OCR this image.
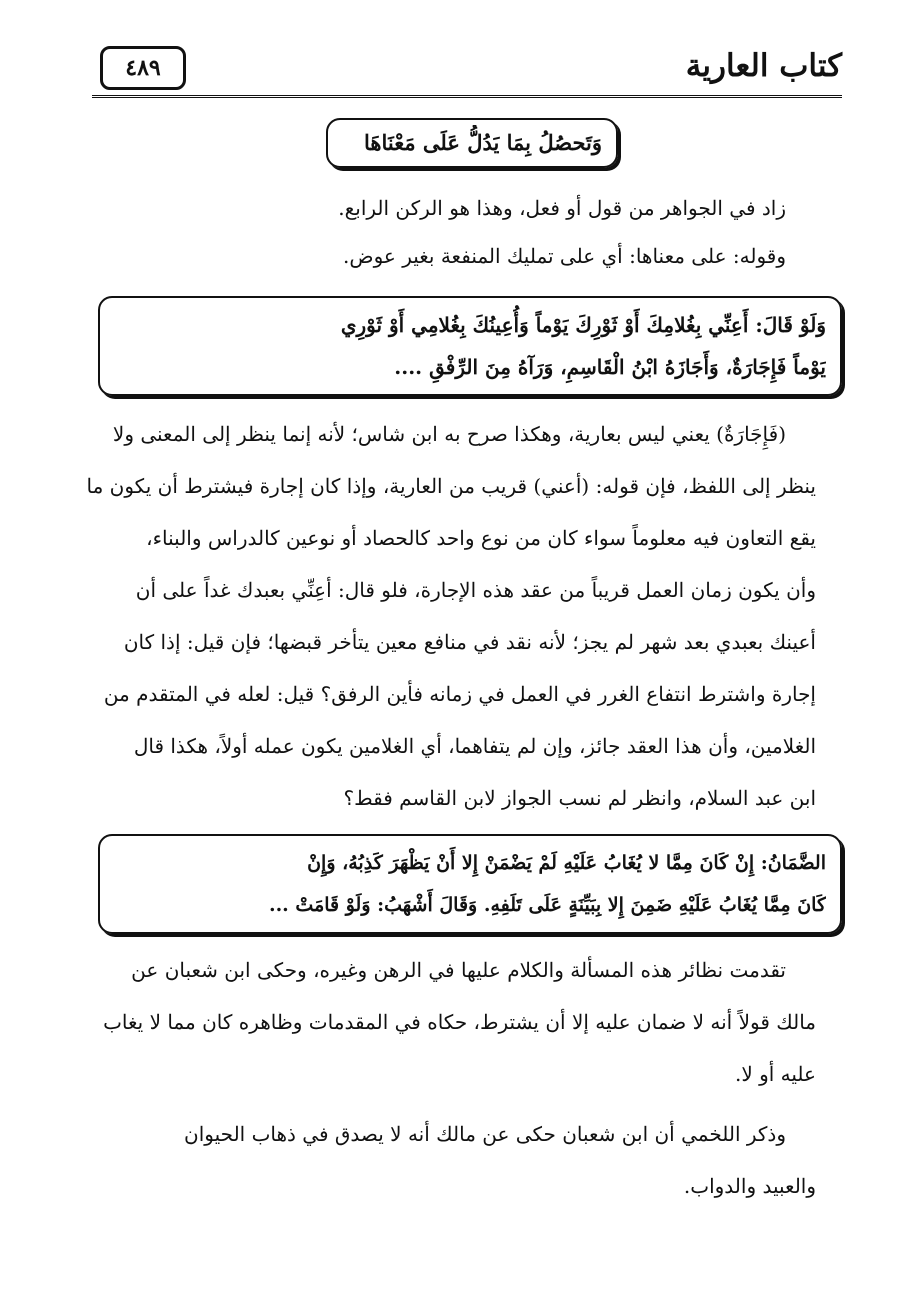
كتاب العارية
٤٨٩
وَتَحصُلُ بِمَا يَدُلُّ عَلَى مَعْنَاهَا
زاد في الجواهر من قول أو فعل، وهذا هو الركن الرابع.
وقوله: على معناها: أي على تمليك المنفعة بغير عوض.
وَلَوْ قَالَ: أَعِنِّي بِغُلامِكَ أَوْ ثَوْرِكَ يَوْماً وَأُعِينُكَ بِغُلامِي أَوْ ثَوْرِي
يَوْماً فَإِجَارَةٌ، وَأَجَازَهُ ابْنُ الْقَاسِمِ، وَرَآهُ مِنَ الرِّفْقِ ....
(فَإِجَارَةٌ) يعني ليس بعارية، وهكذا صرح به ابن شاس؛ لأنه إنما ينظر إلى المعنى ولا
ينظر إلى اللفظ، فإن قوله: (أعني) قريب من العارية، وإذا كان إجارة فيشترط أن يكون ما
يقع التعاون فيه معلوماً سواء كان من نوع واحد كالحصاد أو نوعين كالدراس والبناء،
وأن يكون زمان العمل قريباً من عقد هذه الإجارة، فلو قال: أعِنِّي بعبدك غداً على أن
أعينك بعبدي بعد شهر لم يجز؛ لأنه نقد في منافع معين يتأخر قبضها؛ فإن قيل: إذا كان
إجارة واشترط انتفاع الغرر في العمل في زمانه فأين الرفق؟ قيل: لعله في المتقدم من
الغلامين، وأن هذا العقد جائز، وإن لم يتفاهما، أي الغلامين يكون عمله أولاً، هكذا قال
ابن عبد السلام، وانظر لم نسب الجواز لابن القاسم فقط؟
الضَّمَانُ: إِنْ كَانَ مِمَّا لا يُغَابُ عَلَيْهِ لَمْ يَضْمَنْ إِلا أَنْ يَظْهَرَ كَذِبُهُ، وَإِنْ
كَانَ مِمَّا يُغَابُ عَلَيْهِ ضَمِنَ إِلا بِبَيِّنَةٍ عَلَى تَلَفِهِ. وَقَالَ أَشْهَبُ: وَلَوْ قَامَتْ ...
تقدمت نظائر هذه المسألة والكلام عليها في الرهن وغيره، وحكى ابن شعبان عن
مالك قولاً أنه لا ضمان عليه إلا أن يشترط، حكاه في المقدمات وظاهره كان مما لا يغاب
عليه أو لا.
وذكر اللخمي أن ابن شعبان حكى عن مالك أنه لا يصدق في ذهاب الحيوان
والعبيد والدواب.
